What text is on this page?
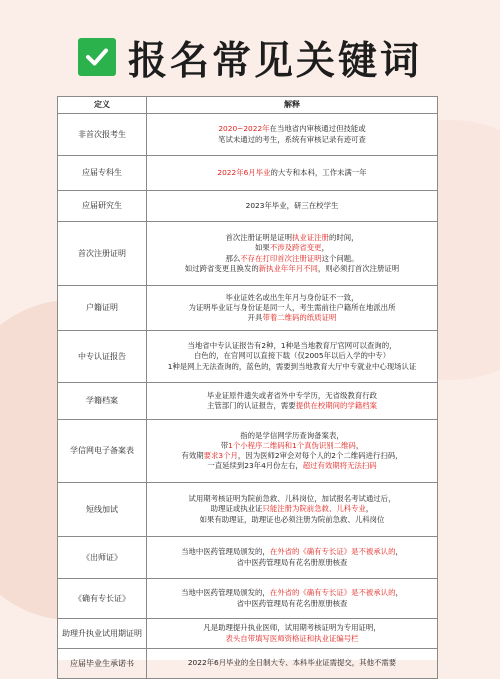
报名常见关键词
定义	解释
非首次报考生	2020~2022年在当地省内审核通过但技能或
笔试未通过的考生，系统有审核记录有迹可查

应届专科生	2022年6月毕业的大专和本科，工作未满一年

应届研究生	2023年毕业，研三在校学生

首次注册证明	首次注册证明是证明执业证注册的时间，
如果不涉及跨省变更，
那么不存在打印首次注册证明这个问题。
如过跨省变更且换发的新执业年年月不同，则必须打首次注册证明

户籍证明	毕业证姓名或出生年月与身份证不一致，
为证明毕业证与身份证是同一人，考生需前往户籍所在地派出所
开具带着二维码的纸质证明

中专认证报告	当地省中专认证报告有2种，1种是当地教育厅官网可以查询的，
白色的，在官网可以直接下载（仅2005年以后入学的中专）
1种是网上无法查询的，蓝色的，需要到当地教育大厅中专就业中心现场认证

学籍档案	毕业证原件遗失或者省外中专学历，无省级教育行政
主管部门的认证报告，需要提供在校期间的学籍档案

学信网电子备案表	指的是学信网学历查询备案表，
带1个小程序二维码和1个真伪识别二维码，
有效期要求3个月，因为医师2审会对每个人的2个二维码进行扫码，
一直延续到23年4月份左右，超过有效期将无法扫码

短线加试	试用期考核证明为院前急救、儿科岗位，加试报名考试通过后，
助理证或执业证只能注册为院前急救、儿科专业，
如果有助理证，助理证也必须注册为院前急救、儿科岗位

《出师证》	当地中医药管理局颁发的，在外省的《确有专长证》是不被承认的，
省中医药管理局有花名册原册核查

《确有专长证》	当地中医药管理局颁发的，在外省的《确有专长证》是不被承认的，
省中医药管理局有花名册原册核查

助理升执业试用期证明	凡是助理提升执业医师，试用期考核证明为专用证明，
表头自带填写医师资格证和执业证编号栏

应届毕业生承诺书	2022年6月毕业的全日制大专、本科毕业证需提交，其他不需要
